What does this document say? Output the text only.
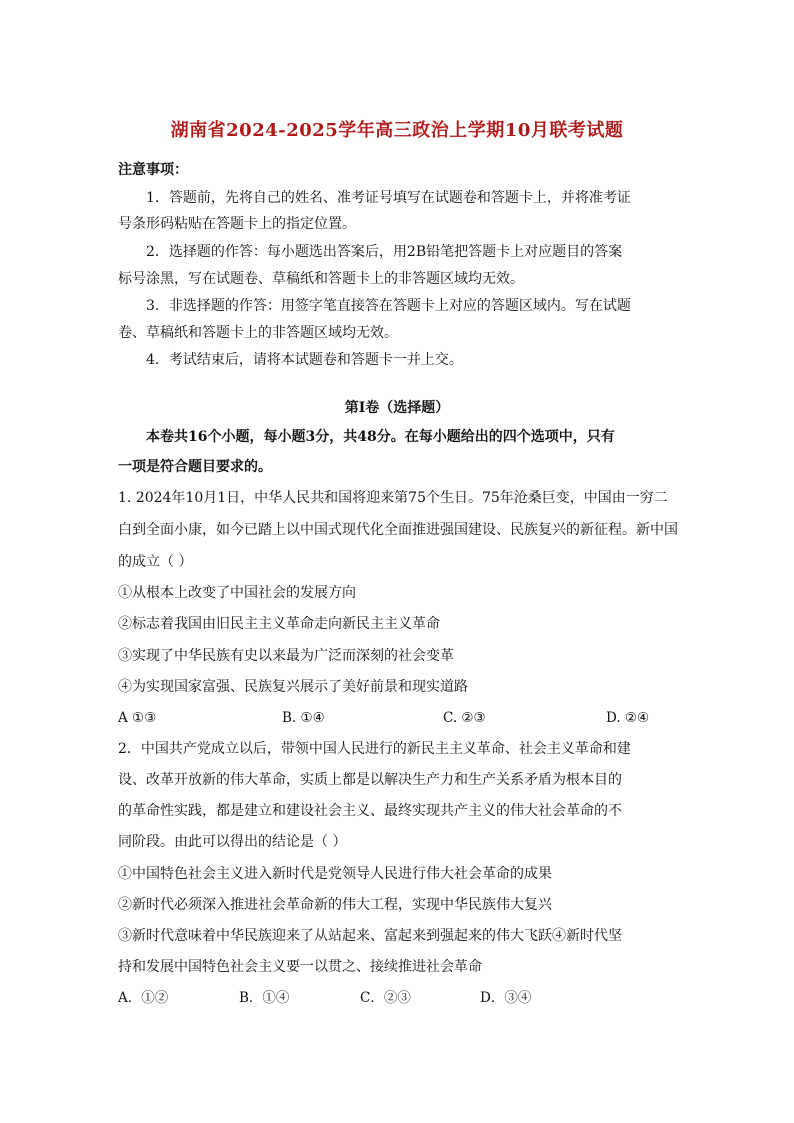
湖南省2024-2025学年高三政治上学期10月联考试题
注意事项：
1．答题前，先将自己的姓名、准考证号填写在试题卷和答题卡上，并将准考证
号条形码粘贴在答题卡上的指定位置。
2．选择题的作答：每小题选出答案后，用2B铅笔把答题卡上对应题目的答案
标号涂黑，写在试题卷、草稿纸和答题卡上的非答题区域均无效。
3．非选择题的作答：用签字笔直接答在答题卡上对应的答题区域内。写在试题
卷、草稿纸和答题卡上的非答题区域均无效。
4．考试结束后，请将本试题卷和答题卡一并上交。
第Ⅰ卷（选择题）
本卷共16个小题，每小题3分，共48分。在每小题给出的四个选项中，只有
一项是符合题目要求的。
1. 2024年10月1日，中华人民共和国将迎来第75个生日。75年沧桑巨变，中国由一穷二
白到全面小康，如今已踏上以中国式现代化全面推进强国建设、民族复兴的新征程。新中国
的成立（ ）
①从根本上改变了中国社会的发展方向
②标志着我国由旧民主主义革命走向新民主主义革命
③实现了中华民族有史以来最为广泛而深刻的社会变革
④为实现国家富强、民族复兴展示了美好前景和现实道路
A ①③	B. ①④	C. ②③	D. ②④
2．中国共产党成立以后，带领中国人民进行的新民主主义革命、社会主义革命和建
设、改革开放新的伟大革命，实质上都是以解决生产力和生产关系矛盾为根本目的
的革命性实践，都是建立和建设社会主义、最终实现共产主义的伟大社会革命的不
同阶段。由此可以得出的结论是（ ）
①中国特色社会主义进入新时代是党领导人民进行伟大社会革命的成果
②新时代必须深入推进社会革命新的伟大工程，实现中华民族伟大复兴
③新时代意味着中华民族迎来了从站起来、富起来到强起来的伟大飞跃④新时代坚
持和发展中国特色社会主义要一以贯之、接续推进社会革命
A．①②	B．①④	C．②③	D．③④
